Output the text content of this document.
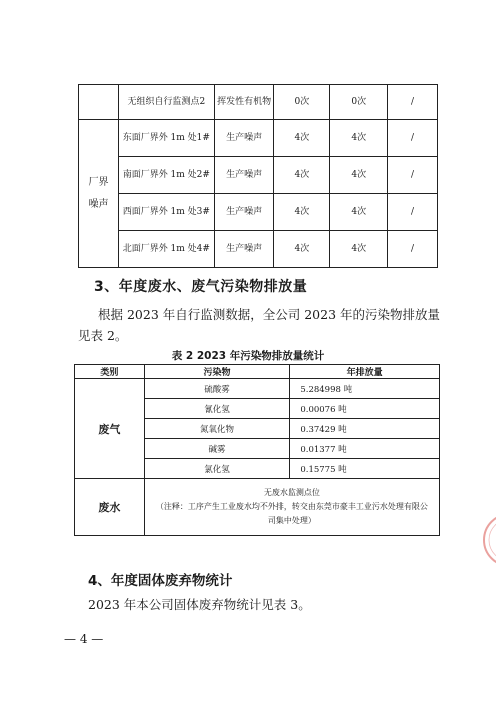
	无组织自行监测点2	挥发性有机物	0次	0次	/
厂界噪声	东面厂界外 1m 处1#	生产噪声	4次	4次	/

	南面厂界外 1m 处2#	生产噪声	4次	4次	/

	西面厂界外 1m 处3#	生产噪声	4次	4次	/

	北面厂界外 1m 处4#	生产噪声	4次	4次	/
3、年度废水、废气污染物排放量
根据 2023 年自行监测数据，全公司 2023 年的污染物排放量见表 2。
表 2 2023 年污染物排放量统计
类别	污染物	年排放量
废气	硫酸雾	5.284998 吨
	氰化氢	0.00076 吨
	氮氧化物	0.37429 吨
	碱雾	0.01377 吨
	氯化氢	0.15775 吨
废水	无废水监测点位
（注释：工序产生工业废水均不外排，转交由东莞市豪丰工业污水处理有限公司集中处理）	
4、年度固体废弃物统计
2023 年本公司固体废弃物统计见表 3。
— 4 —
